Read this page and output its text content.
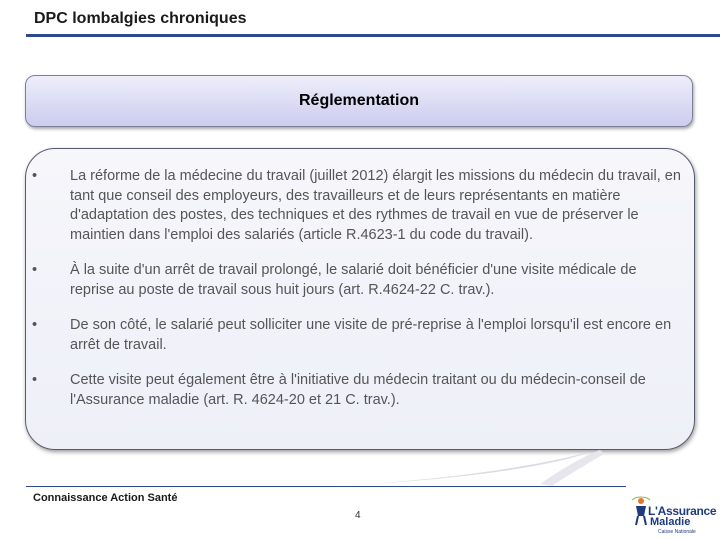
DPC lombalgies chroniques
Réglementation
• La réforme de la médecine du travail (juillet 2012) élargit les missions du médecin du travail, en tant que conseil des employeurs, des travailleurs et de leurs représentants en matière d'adaptation des postes, des techniques et des rythmes de travail en vue de préserver le maintien dans l'emploi des salariés (article R.4623-1 du code du travail).
• À la suite d'un arrêt de travail prolongé, le salarié doit bénéficier d'une visite médicale de reprise au poste de travail sous huit jours (art. R.4624-22 C. trav.).
• De son côté, le salarié peut solliciter une visite de pré-reprise à l'emploi lorsqu'il est encore en arrêt de travail.
• Cette visite peut également être à l'initiative du médecin traitant ou du médecin-conseil de l'Assurance maladie (art. R. 4624-20 et 21 C. trav.).
Connaissance Action Santé
4	L'Assurance
Maladie
Caisse Nationale
